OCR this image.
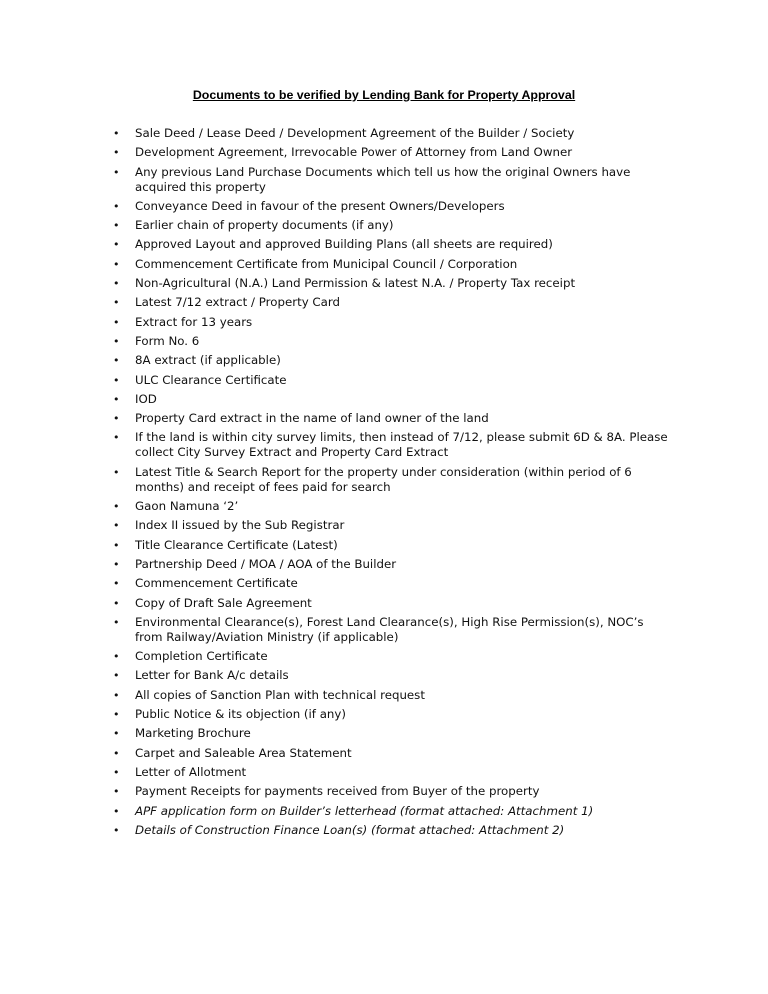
Documents to be verified by Lending Bank for Property Approval
• Sale Deed / Lease Deed / Development Agreement of the Builder / Society
• Development Agreement, Irrevocable Power of Attorney from Land Owner
• Any previous Land Purchase Documents which tell us how the original Owners have acquired this property
• Conveyance Deed in favour of the present Owners/Developers
• Earlier chain of property documents (if any)
• Approved Layout and approved Building Plans (all sheets are required)
• Commencement Certificate from Municipal Council / Corporation
• Non-Agricultural (N.A.) Land Permission & latest N.A. / Property Tax receipt
• Latest 7/12 extract / Property Card
• Extract for 13 years
• Form No. 6
• 8A extract (if applicable)
• ULC Clearance Certificate
• IOD
• Property Card extract in the name of land owner of the land
• If the land is within city survey limits, then instead of 7/12, please submit 6D & 8A. Please collect City Survey Extract and Property Card Extract
• Latest Title & Search Report for the property under consideration (within period of 6 months) and receipt of fees paid for search
• Gaon Namuna ‘2’
• Index II issued by the Sub Registrar
• Title Clearance Certificate (Latest)
• Partnership Deed / MOA / AOA of the Builder
• Commencement Certificate
• Copy of Draft Sale Agreement
• Environmental Clearance(s), Forest Land Clearance(s), High Rise Permission(s), NOC’s from Railway/Aviation Ministry (if applicable)
• Completion Certificate
• Letter for Bank A/c details
• All copies of Sanction Plan with technical request
• Public Notice & its objection (if any)
• Marketing Brochure
• Carpet and Saleable Area Statement
• Letter of Allotment
• Payment Receipts for payments received from Buyer of the property
• APF application form on Builder’s letterhead (format attached: Attachment 1)
• Details of Construction Finance Loan(s) (format attached: Attachment 2)
